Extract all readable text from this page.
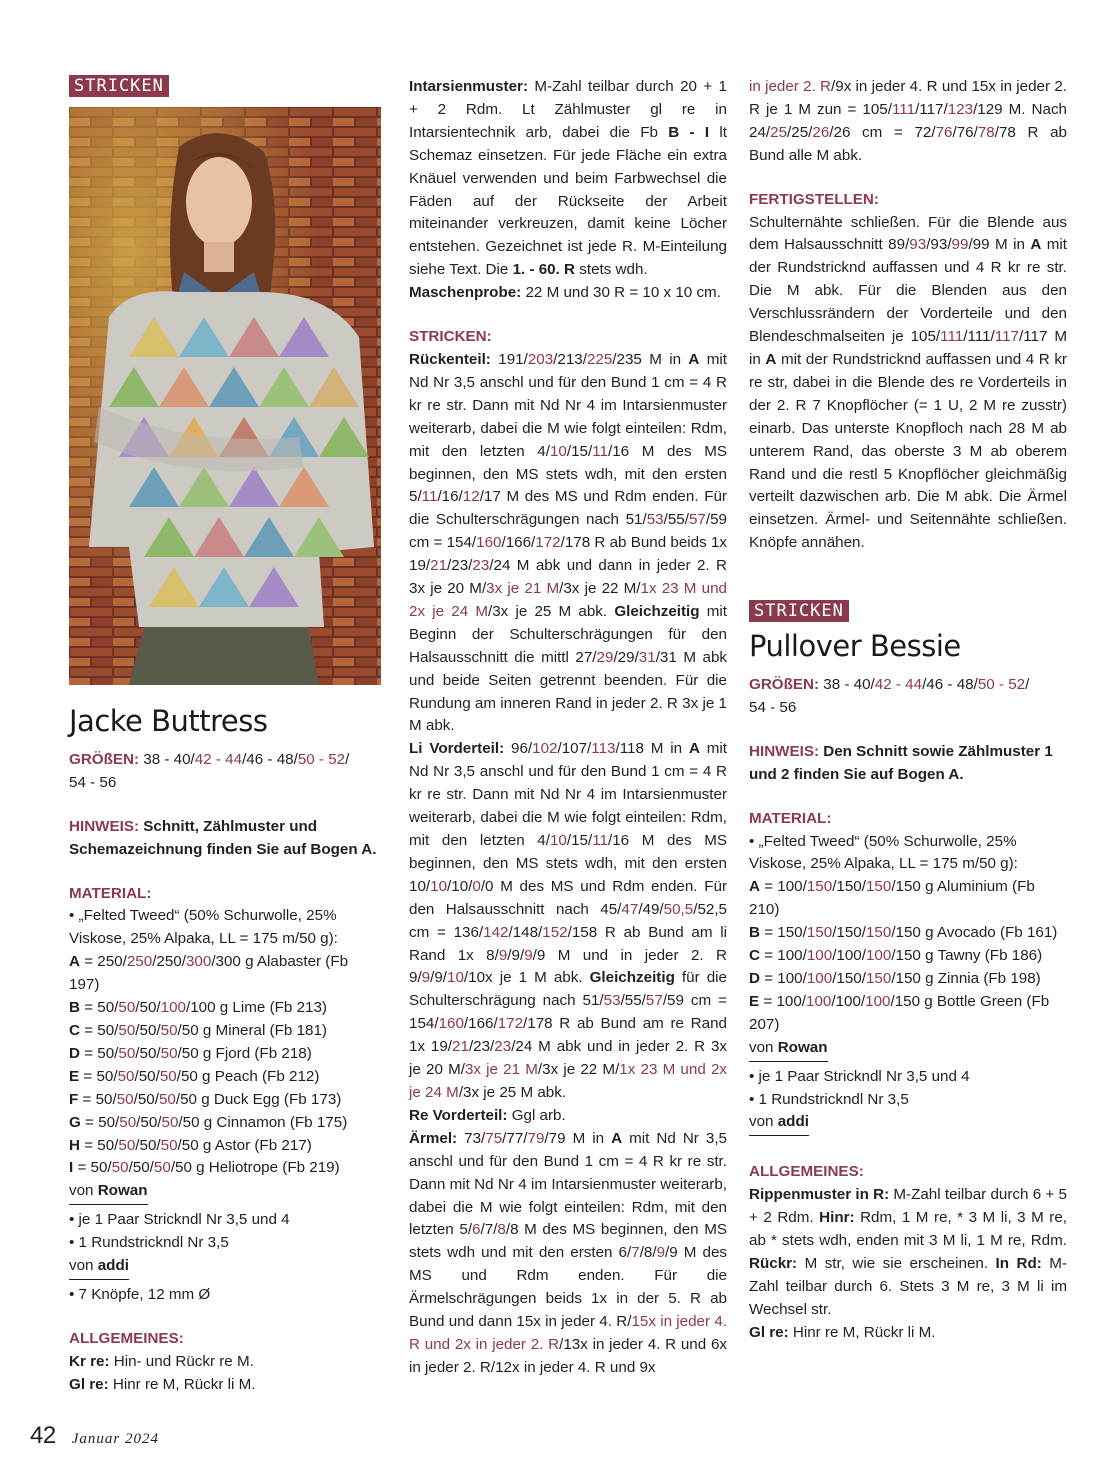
STRICKEN
Jacke Buttress

GRÖßEN: 38 - 40/42 - 44/46 - 48/50 - 52/
54 - 56

HINWEIS: Schnitt, Zählmuster und Schemazeichnung finden Sie auf Bogen A.

MATERIAL:

• „Felted Tweed“ (50% Schurwolle, 25% Viskose, 25% Alpaka, LL = 175 m/50 g):

A = 250/250/250/300/300 g Alabaster (Fb 197)

B = 50/50/50/100/100 g Lime (Fb 213)

C = 50/50/50/50/50 g Mineral (Fb 181)

D = 50/50/50/50/50 g Fjord (Fb 218)

E = 50/50/50/50/50 g Peach (Fb 212)

F = 50/50/50/50/50 g Duck Egg (Fb 173)

G = 50/50/50/50/50 g Cinnamon (Fb 175)

H = 50/50/50/50/50 g Astor (Fb 217)

I = 50/50/50/50/50 g Heliotrope (Fb 219)

von Rowan

• je 1 Paar Strickndl Nr 3,5 und 4

• 1 Rundstrickndl Nr 3,5

von addi

• 7 Knöpfe, 12 mm Ø

ALLGEMEINES:

Kr re: Hin- und Rückr re M.

Gl re: Hinr re M, Rückr li M.

Intarsienmuster: M-Zahl teilbar durch 20 + 1 + 2 Rdm. Lt Zählmuster gl re in Intarsientechnik arb, dabei die Fb B - I lt Schemaz einsetzen. Für jede Fläche ein extra Knäuel verwenden und beim Farbwechsel die Fäden auf der Rückseite der Arbeit miteinander verkreuzen, damit keine Löcher entstehen. Gezeichnet ist jede R. M-Einteilung siehe Text. Die 1. - 60. R stets wdh.

Maschenprobe: 22 M und 30 R = 10 x 10 cm.

STRICKEN:

Rückenteil: 191/203/213/225/235 M in A mit Nd Nr 3,5 anschl und für den Bund 1 cm = 4 R kr re str. Dann mit Nd Nr 4 im Intarsienmuster weiterarb, dabei die M wie folgt einteilen: Rdm, mit den letzten 4/10/15/11/16 M des MS beginnen, den MS stets wdh, mit den ersten 5/11/16/12/17 M des MS und Rdm enden. Für die Schulterschrägungen nach 51/53/55/57/59 cm = 154/160/166/172/178 R ab Bund beids 1x 19/21/23/23/24 M abk und dann in jeder 2. R 3x je 20 M/3x je 21 M/3x je 22 M/1x 23 M und 2x je 24 M/3x je 25 M abk. Gleichzeitig mit Beginn der Schulterschrägungen für den Halsausschnitt die mittl 27/29/29/31/31 M abk und beide Seiten getrennt beenden. Für die Rundung am inneren Rand in jeder 2. R 3x je 1 M abk.

Li Vorderteil: 96/102/107/113/118 M in A mit Nd Nr 3,5 anschl und für den Bund 1 cm = 4 R kr re str. Dann mit Nd Nr 4 im Intarsienmuster weiterarb, dabei die M wie folgt einteilen: Rdm, mit den letzten 4/10/15/11/16 M des MS beginnen, den MS stets wdh, mit den ersten 10/10/10/0/0 M des MS und Rdm enden. Für den Halsausschnitt nach 45/47/49/50,5/52,5 cm = 136/142/148/152/158 R ab Bund am li Rand 1x 8/9/9/9/9 M und in jeder 2. R 9/9/9/10/10x je 1 M abk. Gleichzeitig für die Schulterschrägung nach 51/53/55/57/59 cm = 154/160/166/172/178 R ab Bund am re Rand 1x 19/21/23/23/24 M abk und in jeder 2. R 3x je 20 M/3x je 21 M/3x je 22 M/1x 23 M und 2x je 24 M/3x je 25 M abk.

Re Vorderteil: Ggl arb.

Ärmel: 73/75/77/79/79 M in A mit Nd Nr 3,5 anschl und für den Bund 1 cm = 4 R kr re str. Dann mit Nd Nr 4 im Intarsienmuster weiterarb, dabei die M wie folgt einteilen: Rdm, mit den letzten 5/6/7/8/8 M des MS beginnen, den MS stets wdh und mit den ersten 6/7/8/9/9 M des MS und Rdm enden. Für die Ärmelschrägungen beids 1x in der 5. R ab Bund und dann 15x in jeder 4. R/15x in jeder 4. R und 2x in jeder 2. R/13x in jeder 4. R und 6x in jeder 2. R/12x in jeder 4. R und 9x

in jeder 2. R/9x in jeder 4. R und 15x in jeder 2. R je 1 M zun = 105/111/117/123/129 M. Nach 24/25/25/26/26 cm = 72/76/76/78/78 R ab Bund alle M abk.

FERTIGSTELLEN:

Schulternähte schließen. Für die Blende aus dem Halsausschnitt 89/93/93/99/99 M in A mit der Rundstricknd auffassen und 4 R kr re str. Die M abk. Für die Blenden aus den Verschlussrändern der Vorderteile und den Blendeschmalseiten je 105/111/111/117/117 M in A mit der Rundstricknd auffassen und 4 R kr re str, dabei in die Blende des re Vorderteils in der 2. R 7 Knopflöcher (= 1 U, 2 M re zusstr) einarb. Das unterste Knopfloch nach 28 M ab unterem Rand, das oberste 3 M ab oberem Rand und die restl 5 Knopflöcher gleichmäßig verteilt dazwischen arb. Die M abk. Die Ärmel einsetzen. Ärmel- und Seitennähte schließen. Knöpfe annähen.

STRICKEN
Pullover Bessie

GRÖßEN: 38 - 40/42 - 44/46 - 48/50 - 52/
54 - 56

HINWEIS: Den Schnitt sowie Zählmuster 1 und 2 finden Sie auf Bogen A.

MATERIAL:

• „Felted Tweed“ (50% Schurwolle, 25% Viskose, 25% Alpaka, LL = 175 m/50 g):

A = 100/150/150/150/150 g Aluminium (Fb 210)

B = 150/150/150/150/150 g Avocado (Fb 161)

C = 100/100/100/100/150 g Tawny (Fb 186)

D = 100/100/150/150/150 g Zinnia (Fb 198)

E = 100/100/100/100/150 g Bottle Green (Fb 207)

von Rowan

• je 1 Paar Strickndl Nr 3,5 und 4

• 1 Rundstrickndl Nr 3,5

von addi

ALLGEMEINES:

Rippenmuster in R: M-Zahl teilbar durch 6 + 5 + 2 Rdm. Hinr: Rdm, 1 M re, * 3 M li, 3 M re, ab * stets wdh, enden mit 3 M li, 1 M re, Rdm. Rückr: M str, wie sie erscheinen. In Rd: M-Zahl teilbar durch 6. Stets 3 M re, 3 M li im Wechsel str.

Gl re: Hinr re M, Rückr li M.

42 Januar 2024
